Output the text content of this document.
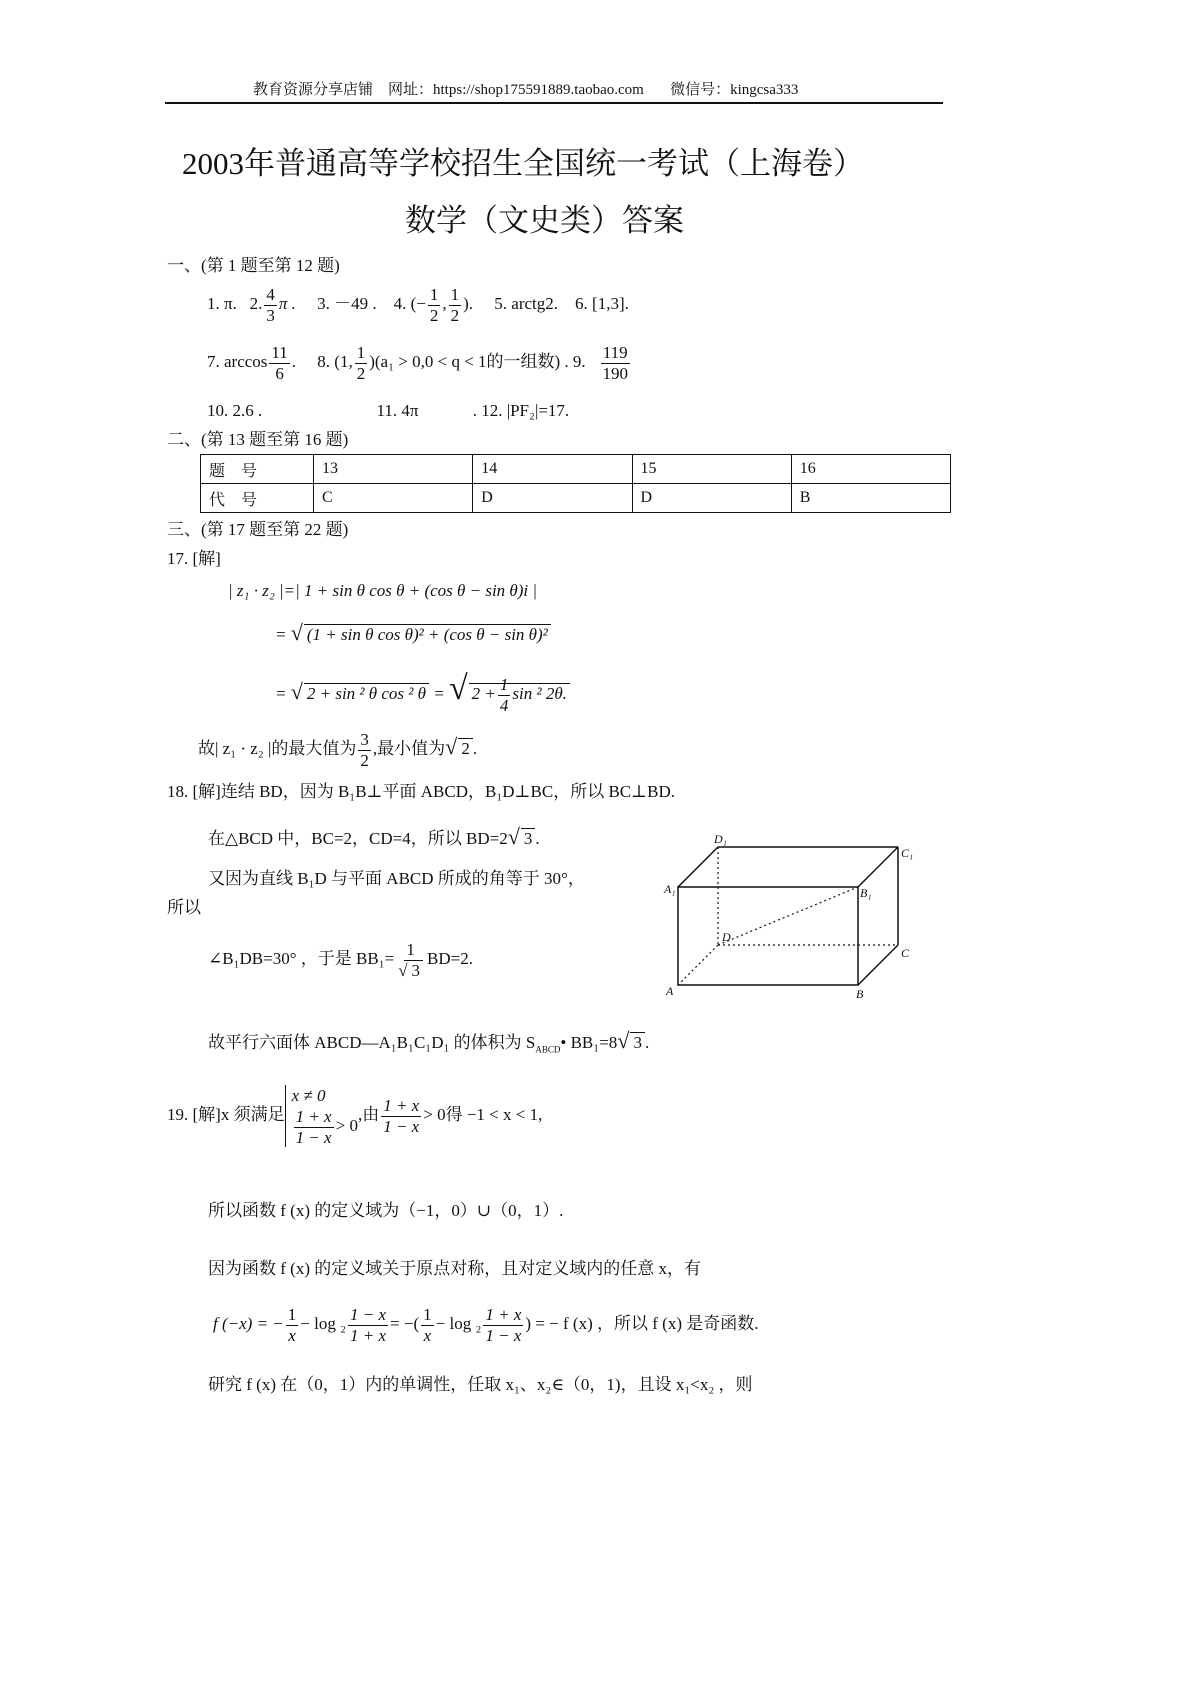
教育资源分享店铺 网址：https://shop175591889.taobao.com 微信号：kingcsa333
2003年普通高等学校招生全国统一考试（上海卷）
数学（文史类）答案
一、(第 1 题至第 12 题)
1. π. 2. $\frac{4}{3}$ π . 3. －49 . 4. (− $\frac{1}{2}$ , $\frac{1}{2}$ ). 5. arctg2. 6. [1,3].
7. $\arccos \frac{11}{6}$ .     8. (1, $\frac{1}{2} )(a_1 > 0,0 < q < 1$的一组数) . 9. $\frac{119}{190}$
10. 2.6 .	11. 4π	. 12. |PF₂|=17.
二、(第 13 题至第 16 题)
题　号	13	14	15	16
代　号	C	D	D	B
三、(第 17 题至第 22 题)
17. [解]
| z₁ · z₂ |=| 1 + sin θ cos θ + (cos θ − sin θ)i |
= √ (1 + sin θ cos θ)² + (cos θ − sin θ)²
= √ 2 + sin ² θ cos ² θ = √ $2 + \frac{1}{4}$ sin ² 2θ.
故| z₁ · z₂ |的最大值为 $\frac{3}{2}$ ,最小值为√ 2 .
18. [解]连结 BD，因为 B₁B⊥平面 ABCD，B₁D⊥BC，所以 BC⊥BD.
在△BCD 中，BC=2，CD=4，所以 BD=2√ 3 .
又因为直线 B₁D 与平面 ABCD 所成的角等于 30°，
所以
∠B₁DB=30° ，于是 $BB_1= \frac{1}{√ 3} BD=2$.
故平行六面体 ABCD—A₁B₁C₁D₁ 的体积为 $S_{ABCD}•$ BB₁=8√ 3 .
D₁
C₁
A₁	B₁
D
C
A	B
19. [解]x 须满足
x ≠ 0
$\frac{1 + x}{1 - x} > 0$
,由 $\frac{1 + x}{1 - x} > 0$得 −1 < x < 1,
所以函数 f (x) 的定义域为（−1，0）∪（0，1）.
因为函数 f (x) 的定义域关于原点对称，且对定义域内的任意 x，有
f (−x) = − $\frac{1}{x} - \log _2 \frac{1 - x}{1 + x}$ = −( $\frac{1}{x} - \log _2 \frac{1 + x}{1 - x}$ ) = − f (x) ，所以 f (x) 是奇函数.
研究 f (x) 在（0，1）内的单调性，任取 x₁、x₂∈（0，1)，且设 x₁<x₂ ，则
